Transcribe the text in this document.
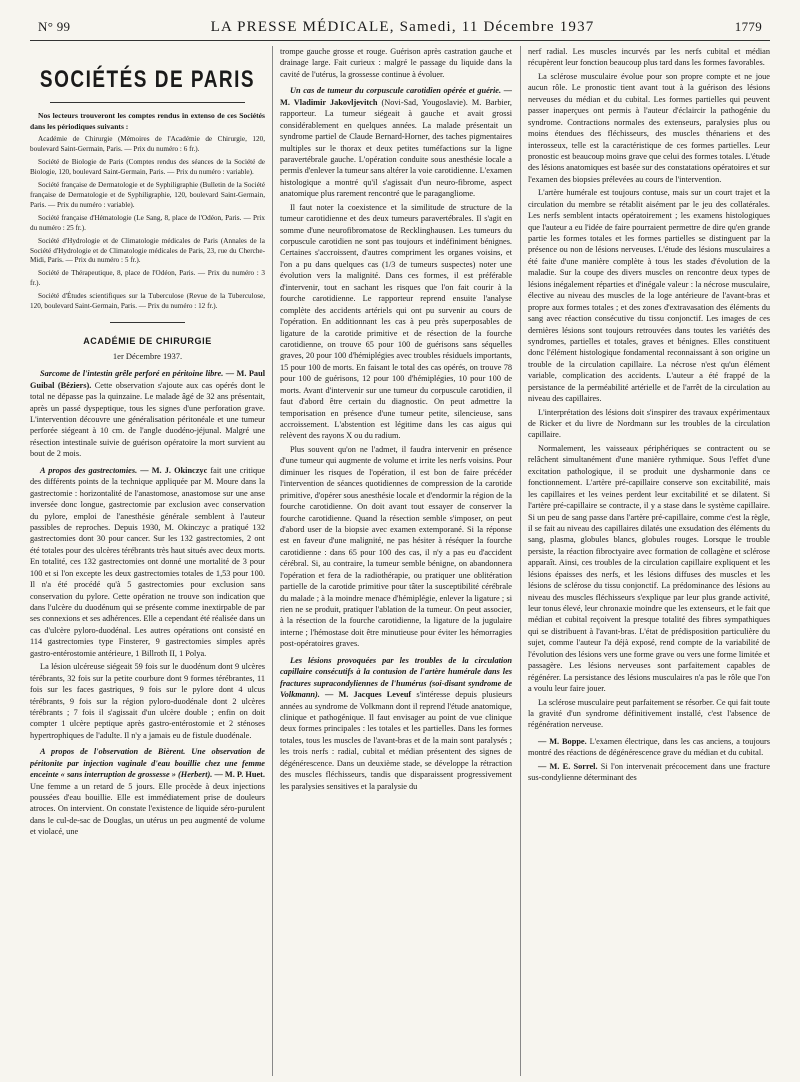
N° 99	LA PRESSE MÉDICALE, Samedi, 11 Décembre 1937	1779
SOCIÉTÉS DE PARIS
Nos lecteurs trouveront les comptes rendus in extenso de ces Sociétés dans les périodiques suivants :
Académie de Chirurgie (Mémoires de l'Académie de Chirurgie, 120, boulevard Saint-Germain, Paris. — Prix du numéro : 6 fr.).
Société de Biologie de Paris (Comptes rendus des séances de la Société de Biologie, 120, boulevard Saint-Germain, Paris. — Prix du numéro : variable).
Société française de Dermatologie et de Syphiligraphie (Bulletin de la Société française de Dermatologie et de Syphiligraphie, 120, boulevard Saint-Germain, Paris. — Prix du numéro : variable).
Société française d'Hématologie (Le Sang, 8, place de l'Odéon, Paris. — Prix du numéro : 25 fr.).
Société d'Hydrologie et de Climatologie médicales de Paris (Annales de la Société d'Hydrologie et de Climatologie médicales de Paris, 23, rue du Cherche-Midi, Paris. — Prix du numéro : 5 fr.).
Société de Thérapeutique, 8, place de l'Odéon, Paris. — Prix du numéro : 3 fr.).
Société d'Études scientifiques sur la Tuberculose (Revue de la Tuberculose, 120, boulevard Saint-Germain, Paris. — Prix du numéro : 12 fr.).
ACADÉMIE DE CHIRURGIE
1er Décembre 1937.

Sarcome de l'intestin grêle perforé en péritoine libre. — M. Paul Guibal (Béziers). Cette observation s'ajoute aux cas opérés dont le total ne dépasse pas la quinzaine. Le malade âgé de 32 ans présentait, après un passé dyspeptique, tous les signes d'une perforation grave. L'intervention découvre une généralisation péritonéale et une tumeur perforée siégeant à 10 cm. de l'angle duodéno-jéjunal. Malgré une résection intestinale suivie de guérison opératoire la mort survient au bout de 2 mois.

A propos des gastrectomies. — M. J. Okinczyc fait une critique des différents points de la technique appliquée par M. Moure dans la gastrectomie : horizontalité de l'anastomose, anastomose sur une anse inversée donc longue, gastrectomie par exclusion avec conservation du pylore, emploi de l'anesthésie générale semblent à l'auteur passibles de reproches. Depuis 1930, M. Okinczyc a pratiqué 132 gastrectomies dont 30 pour cancer. Sur les 132 gastrectomies, 2 ont été totales pour des ulcères térébrants très haut situés avec deux morts. En totalité, ces 132 gastrectomies ont donné une mortalité de 3 pour 100 et si l'on excepte les deux gastrectomies totales de 1,53 pour 100. Il n'a été procédé qu'à 5 gastrectomies pour exclusion sans conservation du pylore. Cette opération ne trouve son indication que dans l'ulcère du duodénum qui se présente comme inextirpable de par ses connexions et ses adhérences. Elle a cependant été réalisée dans un cas d'ulcère pyloro-duodénal. Les autres opérations ont consisté en 114 gastrectomies type Finsterer, 9 gastrectomies simples après gastro-entérostomie antérieure, 1 Billroth II, 1 Polya.

La lésion ulcéreuse siégeait 59 fois sur le duodénum dont 9 ulcères térébrants, 32 fois sur la petite courbure dont 9 formes térébrantes, 11 fois sur les faces gastriques, 9 fois sur le pylore dont 4 ulcus térébrants, 9 fois sur la région pyloro-duodénale dont 2 ulcères térébrants ; 7 fois il s'agissait d'un ulcère double ; enfin on doit compter 1 ulcère peptique après gastro-entérostomie et 2 sténoses hypertrophiques de l'adulte. Il n'y a jamais eu de fistule duodénale.

A propos de l'observation de Bièrent. Une observation de péritonite par injection vaginale d'eau bouillie chez une femme enceinte « sans interruption de grossesse » (Herbert). — M. P. Huet. Une femme a un retard de 5 jours. Elle procède à deux injections poussées d'eau bouillie. Elle est immédiatement prise de douleurs atroces. On intervient. On constate l'existence de liquide séro-purulent dans le cul-de-sac de Douglas, un utérus un peu augmenté de volume et violacé, une

trompe gauche grosse et rouge. Guérison après castration gauche et drainage large. Fait curieux : malgré le passage du liquide dans la cavité de l'utérus, la grossesse continue à évoluer.

Un cas de tumeur du corpuscule carotidien opérée et guérie. — M. Vladimir Jakovljevitch (Novi-Sad, Yougoslavie). M. Barbier, rapporteur. La tumeur siégeait à gauche et avait grossi considérablement en quelques années. La malade présentait un syndrome partiel de Claude Bernard-Horner, des taches pigmentaires multiples sur le thorax et deux petites tuméfactions sur la ligne paravertébrale gauche. L'opération conduite sous anesthésie locale a permis d'enlever la tumeur sans altérer la voie carotidienne. L'examen histologique a montré qu'il s'agissait d'un neuro-fibrome, aspect anatomique plus rarement rencontré que le paragangliome.

Il faut noter la coexistence et la similitude de structure de la tumeur carotidienne et des deux tumeurs paravertébrales. Il s'agit en somme d'une neurofibromatose de Recklinghausen. Les tumeurs du corpuscule carotidien ne sont pas toujours et indéfiniment bénignes. Certaines s'accroissent, d'autres compriment les organes voisins, et l'on a pu dans quelques cas (1/3 de tumeurs suspectes) noter une évolution vers la malignité. Dans ces formes, il est préférable d'intervenir, tout en sachant les risques que l'on fait courir à la fourche carotidienne. Le rapporteur reprend ensuite l'analyse complète des accidents artériels qui ont pu survenir au cours de l'opération. En additionnant les cas à peu près superposables de ligature de la carotide primitive et de résection de la fourche carotidienne, on trouve 65 pour 100 de guérisons sans séquelles graves, 20 pour 100 d'hémiplégies avec troubles résiduels importants, 15 pour 100 de morts. En faisant le total des cas opérés, on trouve 78 pour 100 de guérisons, 12 pour 100 d'hémiplégies, 10 pour 100 de morts. Avant d'intervenir sur une tumeur du corpuscule carotidien, il faut d'abord être certain du diagnostic. On peut admettre la temporisation en présence d'une tumeur petite, silencieuse, sans accroissement. L'abstention est légitime dans les cas aigus qui relèvent des rayons X ou du radium.

Plus souvent qu'on ne l'admet, il faudra intervenir en présence d'une tumeur qui augmente de volume et irrite les nerfs voisins. Pour diminuer les risques de l'opération, il est bon de faire précéder l'intervention de séances quotidiennes de compression de la carotide primitive, d'opérer sous anesthésie locale et d'endormir la région de la fourche carotidienne. On doit avant tout essayer de conserver la fourche carotidienne. Quand la résection semble s'imposer, on peut d'abord user de la biopsie avec examen extemporané. Si la réponse est en faveur d'une malignité, ne pas hésiter à réséquer la fourche carotidienne : dans 65 pour 100 des cas, il n'y a pas eu d'accident cérébral. Si, au contraire, la tumeur semble bénigne, on abandonnera l'opération et fera de la radiothérapie, ou pratiquer une oblitération partielle de la carotide primitive pour tâter la susceptibilité cérébrale du malade ; à la moindre menace d'hémiplégie, enlever la ligature ; si rien ne se produit, pratiquer l'ablation de la tumeur. On peut associer, à la résection de la fourche carotidienne, la ligature de la jugulaire interne ; l'hémostase doit être minutieuse pour éviter les hémorragies post-opératoires graves.

Les lésions provoquées par les troubles de la circulation capillaire consécutifs à la contusion de l'artère humérale dans les fractures supracondyliennes de l'humérus (soi-disant syndrome de Volkmann). — M. Jacques Leveuf s'intéresse depuis plusieurs années au syndrome de Volkmann dont il reprend l'étude anatomique, clinique et pathogénique. Il faut envisager au point de vue clinique deux formes principales : les totales et les partielles. Dans les formes totales, tous les muscles de l'avant-bras et de la main sont paralysés ; les trois nerfs : radial, cubital et médian présentent des signes de dégénérescence. Dans un deuxième stade, se développe la rétraction des muscles fléchisseurs, tandis que disparaissent progressivement les paralysies sensitives et la paralysie du

nerf radial. Les muscles incurvés par les nerfs cubital et médian récupèrent leur fonction beaucoup plus tard dans les formes favorables.

La sclérose musculaire évolue pour son propre compte et ne joue aucun rôle. Le pronostic tient avant tout à la guérison des lésions nerveuses du médian et du cubital. Les formes partielles qui peuvent passer inaperçues ont permis à l'auteur d'éclaircir la pathogénie du syndrome. Contractions normales des extenseurs, paralysies plus ou moins étendues des fléchisseurs, des muscles thénariens et des interosseux, telle est la caractéristique de ces formes partielles. Leur pronostic est beaucoup moins grave que celui des formes totales. L'étude des lésions anatomiques est basée sur des constatations opératoires et sur l'examen des biopsies prélevées au cours de l'intervention.

L'artère humérale est toujours contuse, mais sur un court trajet et la circulation du membre se rétablit aisément par le jeu des collatérales. Les nerfs semblent intacts opératoirement ; les examens histologiques que l'auteur a eu l'idée de faire pourraient permettre de dire qu'en grande partie les formes totales et les formes partielles se distinguent par la présence ou non de lésions nerveuses. L'étude des lésions musculaires a été faite d'une manière complète à tous les stades d'évolution de la maladie. Sur la coupe des divers muscles on rencontre deux types de lésions inégalement réparties et d'inégale valeur : la nécrose musculaire, élective au niveau des muscles de la loge antérieure de l'avant-bras et propre aux formes totales ; et des zones d'extravasation des éléments du sang avec réaction consécutive du tissu conjonctif. Les images de ces dernières lésions sont toujours retrouvées dans toutes les variétés des syndromes, partielles et totales, graves et bénignes. Elles constituent donc l'élément histologique fondamental reconnaissant à son origine un trouble de la circulation capillaire. La nécrose n'est qu'un élément variable, complication des accidents. L'auteur a été frappé de la persistance de la perméabilité artérielle et de l'arrêt de la circulation au niveau des capillaires.

L'interprétation des lésions doit s'inspirer des travaux expérimentaux de Ricker et du livre de Nordmann sur les troubles de la circulation capillaire.

Normalement, les vaisseaux périphériques se contractent ou se relâchent simultanément d'une manière rythmique. Sous l'effet d'une excitation pathologique, il se produit une dysharmonie dans ce fonctionnement. L'artère pré-capillaire conserve son excitabilité, mais les capillaires et les veines perdent leur excitabilité et se dilatent. Si l'artère pré-capillaire se contracte, il y a stase dans le système capillaire. Si un peu de sang passe dans l'artère pré-capillaire, comme c'est la règle, il se fait au niveau des capillaires dilatés une exsudation des éléments du sang, plasma, globules blancs, globules rouges. Lorsque le trouble persiste, la réaction fibroctyaire avec formation de collagène et sclérose apparaît. Ainsi, ces troubles de la circulation capillaire expliquent et les lésions épaisses des nerfs, et les lésions diffuses des muscles et les lésions de sclérose du tissu conjonctif. La prédominance des lésions au niveau des muscles fléchisseurs s'explique par leur plus grande activité, leur tonus élevé, leur chronaxie moindre que les extenseurs, et le fait que médian et cubital reçoivent la presque totalité des fibres sympathiques qui se distribuent à l'avant-bras. L'état de prédisposition particulière du sujet, comme l'auteur l'a déjà exposé, rend compte de la variabilité de l'évolution des lésions vers une forme grave ou vers une forme limitée et passagère. Les lésions nerveuses sont parfaitement capables de régénérer. La persistance des lésions musculaires n'a pas le rôle que l'on a voulu leur faire jouer.

La sclérose musculaire peut parfaitement se résorber. Ce qui fait toute la gravité d'un syndrome définitivement installé, c'est l'absence de régénération nerveuse.

— M. Boppe. L'examen électrique, dans les cas anciens, a toujours montré des réactions de dégénérescence grave du médian et du cubital.

— M. E. Sorrel. Si l'on intervenait précocement dans une fracture sus-condylienne déterminant des
